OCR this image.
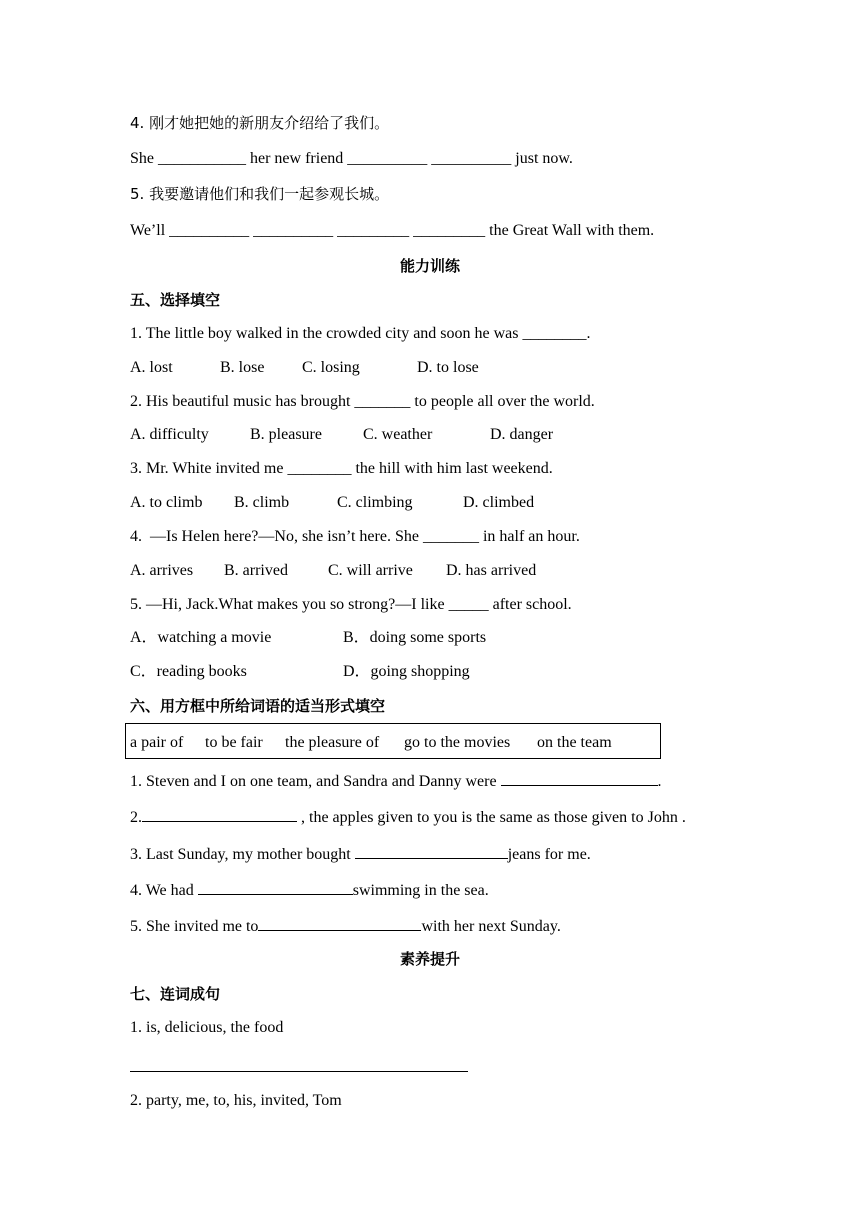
4. 刚才她把她的新朋友介绍给了我们。
She ___________ her new friend __________ __________ just now.
5. 我要邀请他们和我们一起参观长城。
We’ll __________ __________ _________ _________ the Great Wall with them.
能力训练
五、选择填空
1. The little boy walked in the crowded city and soon he was ________.
A. lost	B. lose C. losing	D. to lose
2. His beautiful music has brought _______ to people all over the world.
A. difficulty	B. pleasure	C. weather	D. danger
3. Mr. White invited me ________ the hill with him last weekend.
A. to climb B. climb	C. climbing	D. climbed
4.  —Is Helen here?—No, she isn’t here. She _______ in half an hour.
A. arrives B. arrived	C. will arrive D. has arrived
5. —Hi, Jack.What makes you so strong?—I like _____ after school.
A．watching a movie	B．doing some sports
C．reading books	D．going shopping
六、用方框中所给词语的适当形式填空
a pair of to be fair the pleasure of go to the movies on the team
1. Steven and I on one team, and Sandra and Danny were	.
2.	, the apples given to you is the same as those given to John .
3. Last Sunday, my mother bought	jeans for me.
4. We had	swimming in the sea.
5. She invited me to	with her next Sunday.
素养提升
七、连词成句
1. is, delicious, the food
2. party, me, to, his, invited, Tom
